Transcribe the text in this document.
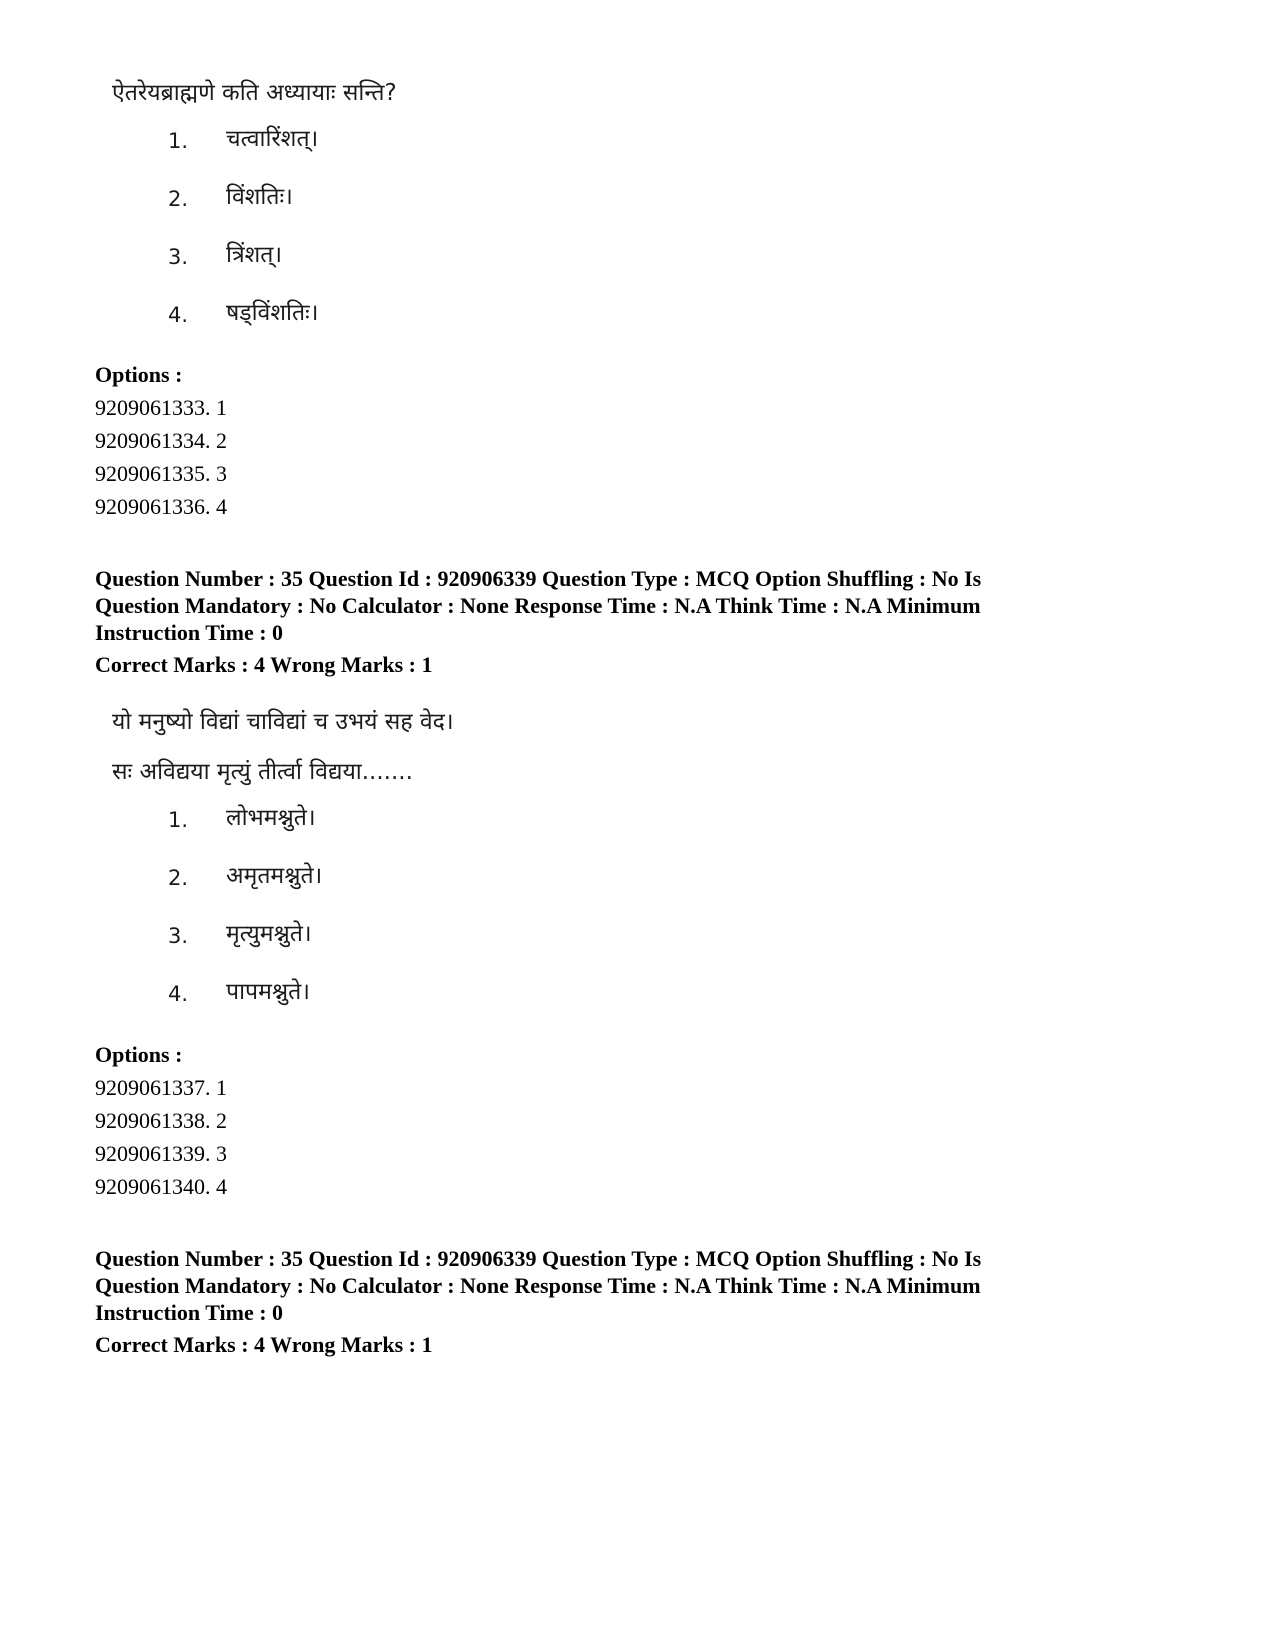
ऐतरेयब्राह्मणे कति अध्यायाः सन्ति?
1. चत्वारिंशत्।
2. विंशतिः।
3. त्रिंशत्।
4. षड्विंशतिः।
Options :
9209061333. 1
9209061334. 2
9209061335. 3
9209061336. 4
Question Number : 35 Question Id : 920906339 Question Type : MCQ Option Shuffling : No Is
Question Mandatory : No Calculator : None Response Time : N.A Think Time : N.A Minimum
Instruction Time : 0
Correct Marks : 4 Wrong Marks : 1
यो मनुष्यो विद्यां चाविद्यां च उभयं सह वेद।
सः अविद्यया मृत्युं तीर्त्वा विद्यया.......
1. लोभमश्नुते।
2. अमृतमश्नुते।
3. मृत्युमश्नुते।
4. पापमश्नुते।
Options :
9209061337. 1
9209061338. 2
9209061339. 3
9209061340. 4
Question Number : 35 Question Id : 920906339 Question Type : MCQ Option Shuffling : No Is
Question Mandatory : No Calculator : None Response Time : N.A Think Time : N.A Minimum
Instruction Time : 0
Correct Marks : 4 Wrong Marks : 1
